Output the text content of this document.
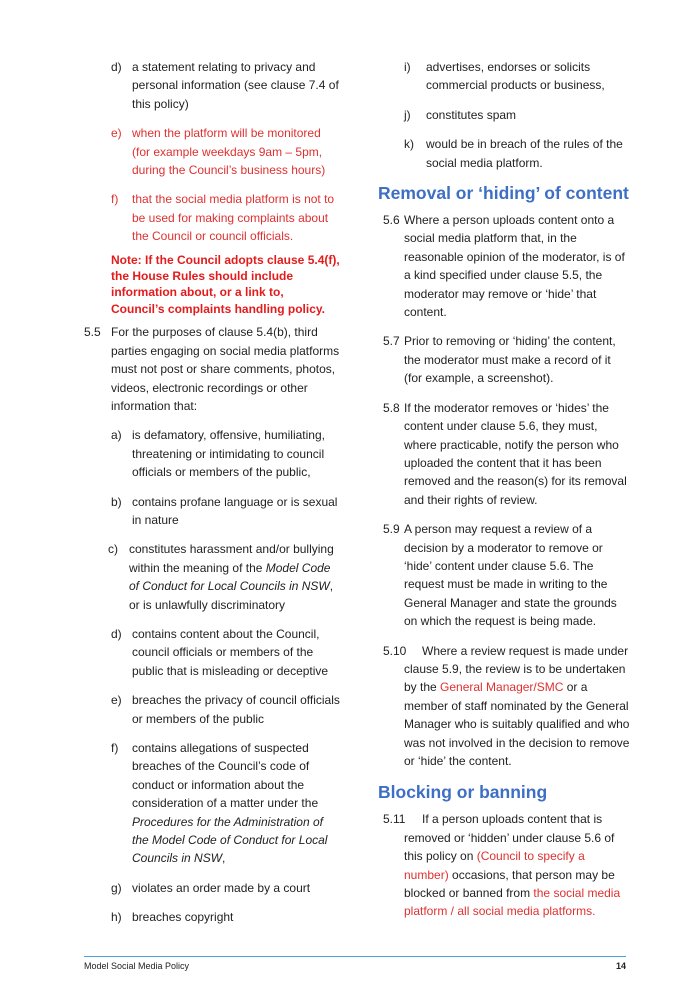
d) a statement relating to privacy and personal information (see clause 7.4 of this policy)
e) when the platform will be monitored (for example weekdays 9am – 5pm, during the Council’s business hours)
f) that the social media platform is not to be used for making complaints about the Council or council officials.
Note: If the Council adopts clause 5.4(f), the House Rules should include information about, or a link to, Council’s complaints handling policy.
5.5 For the purposes of clause 5.4(b), third parties engaging on social media platforms must not post or share comments, photos, videos, electronic recordings or other information that:
a) is defamatory, offensive, humiliating, threatening or intimidating to council officials or members of the public,
b) contains profane language or is sexual in nature
c) constitutes harassment and/or bullying within the meaning of the Model Code of Conduct for Local Councils in NSW, or is unlawfully discriminatory
d) contains content about the Council, council officials or members of the public that is misleading or deceptive
e) breaches the privacy of council officials or members of the public
f) contains allegations of suspected breaches of the Council’s code of conduct or information about the consideration of a matter under the Procedures for the Administration of the Model Code of Conduct for Local Councils in NSW,
g) violates an order made by a court
h) breaches copyright
i) advertises, endorses or solicits commercial products or business,
j) constitutes spam
k) would be in breach of the rules of the social media platform.
Removal or ‘hiding’ of content
5.6 Where a person uploads content onto a social media platform that, in the reasonable opinion of the moderator, is of a kind specified under clause 5.5, the moderator may remove or ‘hide’ that content.
5.7 Prior to removing or ‘hiding’ the content, the moderator must make a record of it (for example, a screenshot).
5.8 If the moderator removes or ‘hides’ the content under clause 5.6, they must, where practicable, notify the person who uploaded the content that it has been removed and the reason(s) for its removal and their rights of review.
5.9 A person may request a review of a decision by a moderator to remove or ‘hide’ content under clause 5.6. The request must be made in writing to the General Manager and state the grounds on which the request is being made.
5.10	Where a review request is made under clause 5.9, the review is to be undertaken by the General Manager/SMC or a member of staff nominated by the General Manager who is suitably qualified and who was not involved in the decision to remove or ‘hide’ the content.
Blocking or banning
5.11	If a person uploads content that is removed or ‘hidden’ under clause 5.6 of this policy on (Council to specify a number) occasions, that person may be blocked or banned from the social media platform / all social media platforms.
Model Social Media Policy	14
